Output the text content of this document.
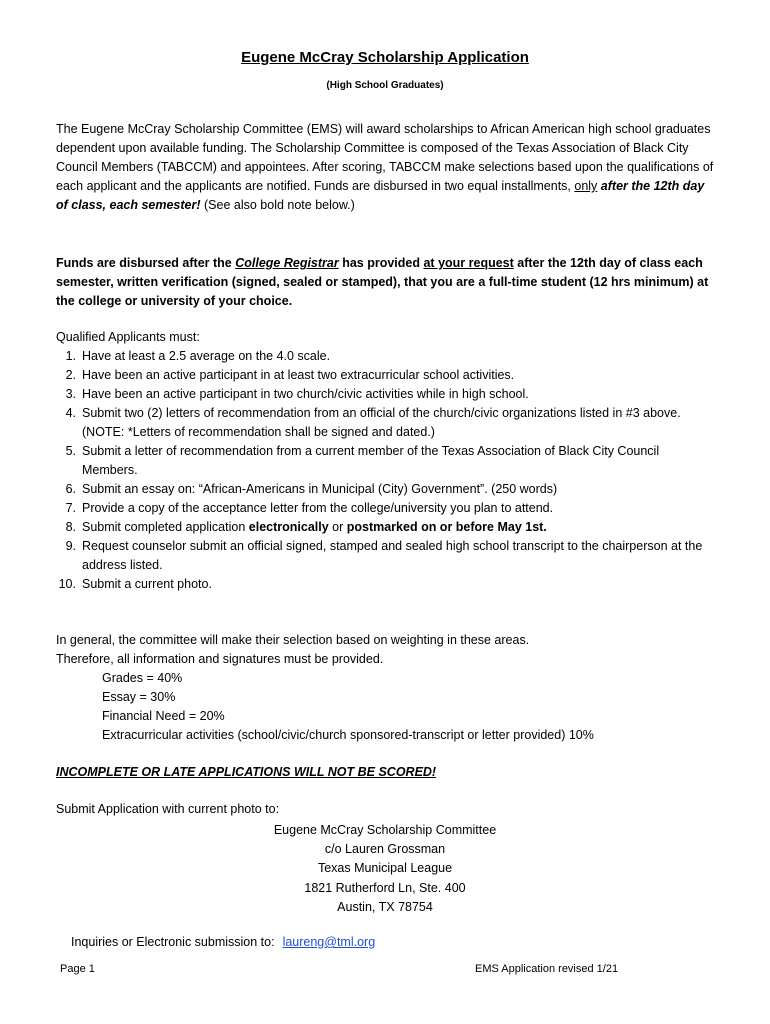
Eugene McCray Scholarship Application
(High School Graduates)
The Eugene McCray Scholarship Committee (EMS) will award scholarships to African American high school graduates dependent upon available funding. The Scholarship Committee is composed of the Texas Association of Black City Council Members (TABCCM) and appointees. After scoring, TABCCM make selections based upon the qualifications of each applicant and the applicants are notified. Funds are disbursed in two equal installments, only after the 12th day of class, each semester! (See also bold note below.)
Funds are disbursed after the College Registrar has provided at your request after the 12th day of class each semester, written verification (signed, sealed or stamped), that you are a full-time student (12 hrs minimum) at the college or university of your choice.
Qualified Applicants must:
1. Have at least a 2.5 average on the 4.0 scale.
2. Have been an active participant in at least two extracurricular school activities.
3. Have been an active participant in two church/civic activities while in high school.
4. Submit two (2) letters of recommendation from an official of the church/civic organizations listed in #3 above. (NOTE: *Letters of recommendation shall be signed and dated.)
5. Submit a letter of recommendation from a current member of the Texas Association of Black City Council Members.
6. Submit an essay on: “African-Americans in Municipal (City) Government”. (250 words)
7. Provide a copy of the acceptance letter from the college/university you plan to attend.
8. Submit completed application electronically or postmarked on or before May 1st.
9. Request counselor submit an official signed, stamped and sealed high school transcript to the chairperson at the address listed.
10. Submit a current photo.
In general, the committee will make their selection based on weighting in these areas.
Therefore, all information and signatures must be provided.
Grades = 40%
Essay = 30%
Financial Need = 20%
Extracurricular activities (school/civic/church sponsored-transcript or letter provided) 10%
INCOMPLETE OR LATE APPLICATIONS WILL NOT BE SCORED!
Submit Application with current photo to:
Eugene McCray Scholarship Committee
c/o Lauren Grossman
Texas Municipal League
1821 Rutherford Ln, Ste. 400
Austin, TX 78754
Inquiries or Electronic submission to: laureng@tml.org
Page 1	EMS Application revised 1/21
